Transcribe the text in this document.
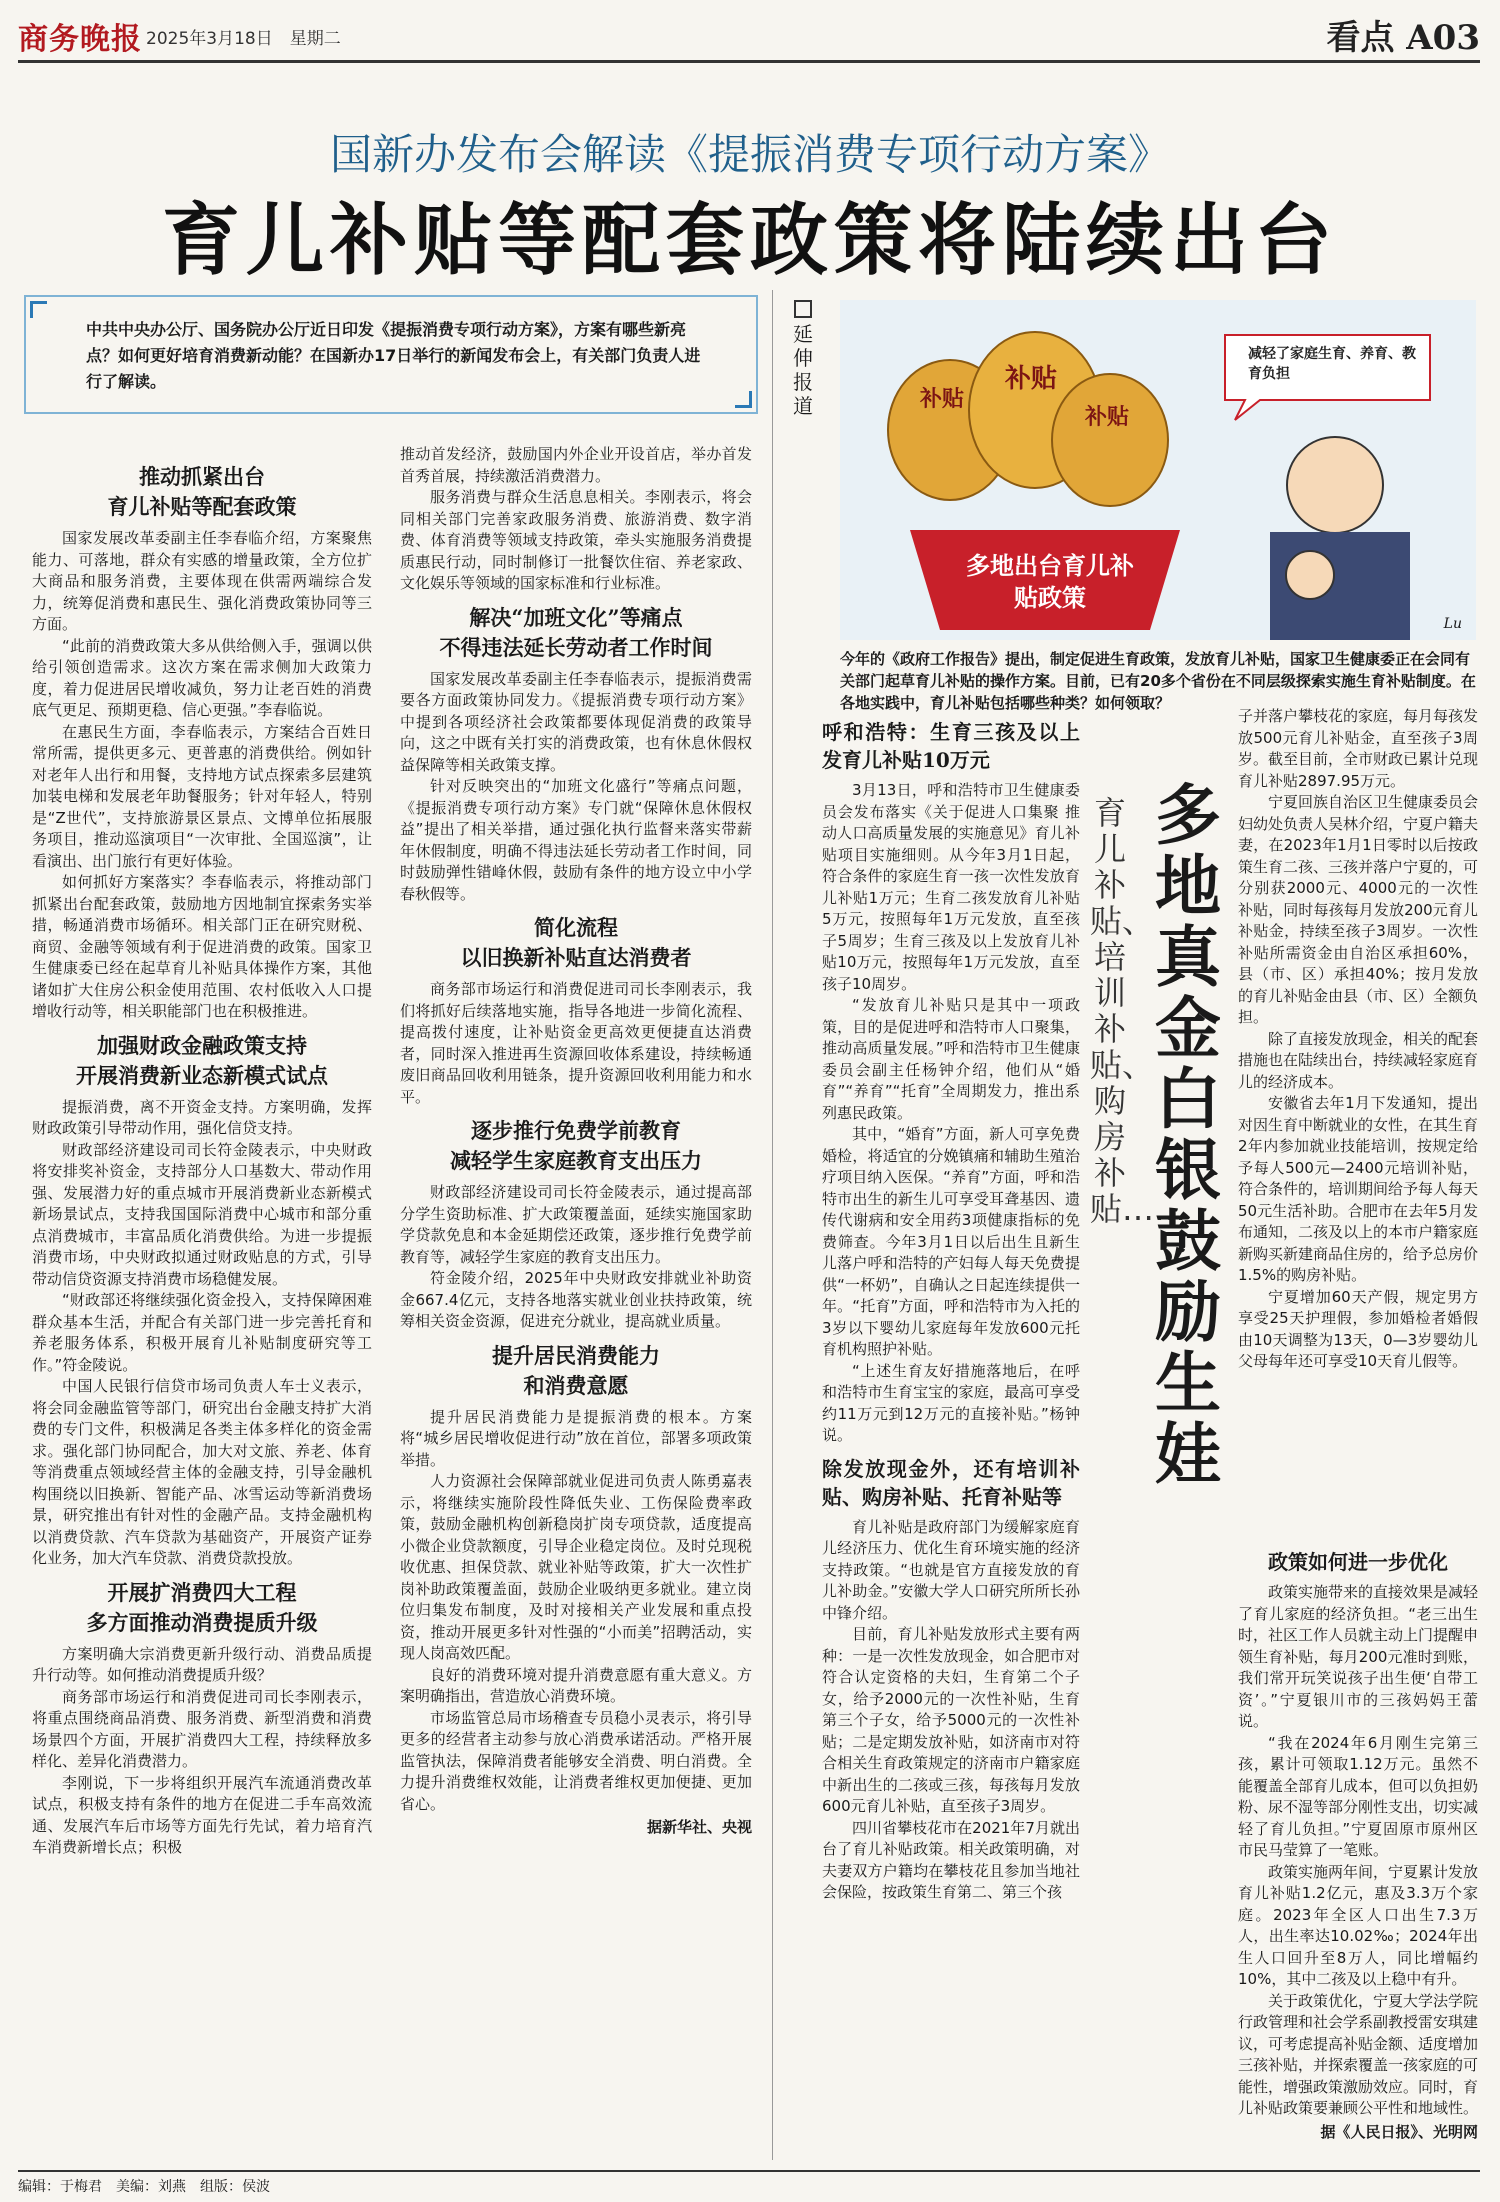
商务晚报 2025年3月18日　星期二	看点 A03
国新办发布会解读《提振消费专项行动方案》
育儿补贴等配套政策将陆续出台
中共中央办公厅、国务院办公厅近日印发《提振消费专项行动方案》，方案有哪些新亮点？如何更好培育消费新动能？在国新办17日举行的新闻发布会上，有关部门负责人进行了解读。
推动抓紧出台
育儿补贴等配套政策

国家发展改革委副主任李春临介绍，方案聚焦能力、可落地，群众有实感的增量政策，全方位扩大商品和服务消费，主要体现在供需两端综合发力，统筹促消费和惠民生、强化消费政策协同等三方面。

“此前的消费政策大多从供给侧入手，强调以供给引领创造需求。这次方案在需求侧加大政策力度，着力促进居民增收减负，努力让老百姓的消费底气更足、预期更稳、信心更强。”李春临说。

在惠民生方面，李春临表示，方案结合百姓日常所需，提供更多元、更普惠的消费供给。例如针对老年人出行和用餐，支持地方试点探索多层建筑加装电梯和发展老年助餐服务；针对年轻人，特别是“Z世代”，支持旅游景区景点、文博单位拓展服务项目，推动巡演项目“一次审批、全国巡演”，让看演出、出门旅行有更好体验。

如何抓好方案落实？李春临表示，将推动部门抓紧出台配套政策，鼓励地方因地制宜探索务实举措，畅通消费市场循环。相关部门正在研究财税、商贸、金融等领域有利于促进消费的政策。国家卫生健康委已经在起草育儿补贴具体操作方案，其他诸如扩大住房公积金使用范围、农村低收入人口提增收行动等，相关职能部门也在积极推进。

加强财政金融政策支持
开展消费新业态新模式试点

提振消费，离不开资金支持。方案明确，发挥财政政策引导带动作用，强化信贷支持。

财政部经济建设司司长符金陵表示，中央财政将安排奖补资金，支持部分人口基数大、带动作用强、发展潜力好的重点城市开展消费新业态新模式新场景试点，支持我国国际消费中心城市和部分重点消费城市，丰富品质化消费供给。为进一步提振消费市场，中央财政拟通过财政贴息的方式，引导带动信贷资源支持消费市场稳健发展。

“财政部还将继续强化资金投入，支持保障困难群众基本生活，并配合有关部门进一步完善托育和养老服务体系，积极开展育儿补贴制度研究等工作。”符金陵说。

中国人民银行信贷市场司负责人车士义表示，将会同金融监管等部门，研究出台金融支持扩大消费的专门文件，积极满足各类主体多样化的资金需求。强化部门协同配合，加大对文旅、养老、体育等消费重点领域经营主体的金融支持，引导金融机构围绕以旧换新、智能产品、冰雪运动等新消费场景，研究推出有针对性的金融产品。支持金融机构以消费贷款、汽车贷款为基础资产，开展资产证券化业务，加大汽车贷款、消费贷款投放。

开展扩消费四大工程
多方面推动消费提质升级

方案明确大宗消费更新升级行动、消费品质提升行动等。如何推动消费提质升级？

商务部市场运行和消费促进司司长李刚表示，将重点围绕商品消费、服务消费、新型消费和消费场景四个方面，开展扩消费四大工程，持续释放多样化、差异化消费潜力。

李刚说，下一步将组织开展汽车流通消费改革试点，积极支持有条件的地方在促进二手车高效流通、发展汽车后市场等方面先行先试，着力培育汽车消费新增长点；积极

推动首发经济，鼓励国内外企业开设首店，举办首发首秀首展，持续激活消费潜力。

服务消费与群众生活息息相关。李刚表示，将会同相关部门完善家政服务消费、旅游消费、数字消费、体育消费等领域支持政策，牵头实施服务消费提质惠民行动，同时制修订一批餐饮住宿、养老家政、文化娱乐等领域的国家标准和行业标准。

解决“加班文化”等痛点
不得违法延长劳动者工作时间

国家发展改革委副主任李春临表示，提振消费需要各方面政策协同发力。《提振消费专项行动方案》中提到各项经济社会政策都要体现促消费的政策导向，这之中既有关打实的消费政策，也有休息休假权益保障等相关政策支撑。

针对反映突出的“加班文化盛行”等痛点问题，《提振消费专项行动方案》专门就“保障休息休假权益”提出了相关举措，通过强化执行监督来落实带薪年休假制度，明确不得违法延长劳动者工作时间，同时鼓励弹性错峰休假，鼓励有条件的地方设立中小学春秋假等。

简化流程
以旧换新补贴直达消费者

商务部市场运行和消费促进司司长李刚表示，我们将抓好后续落地实施，指导各地进一步简化流程、提高拨付速度，让补贴资金更高效更便捷直达消费者，同时深入推进再生资源回收体系建设，持续畅通废旧商品回收利用链条，提升资源回收利用能力和水平。

逐步推行免费学前教育
减轻学生家庭教育支出压力

财政部经济建设司司长符金陵表示，通过提高部分学生资助标准、扩大政策覆盖面，延续实施国家助学贷款免息和本金延期偿还政策，逐步推行免费学前教育等，减轻学生家庭的教育支出压力。

符金陵介绍，2025年中央财政安排就业补助资金667.4亿元，支持各地落实就业创业扶持政策，统筹相关资金资源，促进充分就业，提高就业质量。

提升居民消费能力
和消费意愿

提升居民消费能力是提振消费的根本。方案将“城乡居民增收促进行动”放在首位，部署多项政策举措。

人力资源社会保障部就业促进司负责人陈勇嘉表示，将继续实施阶段性降低失业、工伤保险费率政策，鼓励金融机构创新稳岗扩岗专项贷款，适度提高小微企业贷款额度，引导企业稳定岗位。及时兑现税收优惠、担保贷款、就业补贴等政策，扩大一次性扩岗补助政策覆盖面，鼓励企业吸纳更多就业。建立岗位归集发布制度，及时对接相关产业发展和重点投资，推动开展更多针对性强的“小而美”招聘活动，实现人岗高效匹配。

良好的消费环境对提升消费意愿有重大意义。方案明确指出，营造放心消费环境。

市场监管总局市场稽查专员稳小灵表示，将引导更多的经营者主动参与放心消费承诺活动。严格开展监管执法，保障消费者能够安全消费、明白消费。全力提升消费维权效能，让消费者维权更加便捷、更加省心。

据新华社、央视
延伸报道	补贴
补贴
补贴
减轻了家庭生育、养育、教育负担
多地出台育儿补贴政策
Lu
今年的《政府工作报告》提出，制定促进生育政策，发放育儿补贴，国家卫生健康委正在会同有关部门起草育儿补贴的操作方案。目前，已有20多个省份在不同层级探索实施生育补贴制度。在各地实践中，育儿补贴包括哪些种类？如何领取？
呼和浩特：生育三孩及以上发育儿补贴10万元

3月13日，呼和浩特市卫生健康委员会发布落实《关于促进人口集聚 推动人口高质量发展的实施意见》育儿补贴项目实施细则。从今年3月1日起，符合条件的家庭生育一孩一次性发放育儿补贴1万元；生育二孩发放育儿补贴5万元，按照每年1万元发放，直至孩子5周岁；生育三孩及以上发放育儿补贴10万元，按照每年1万元发放，直至孩子10周岁。

“发放育儿补贴只是其中一项政策，目的是促进呼和浩特市人口聚集，推动高质量发展。”呼和浩特市卫生健康委员会副主任杨钟介绍，他们从“婚育”“养育”“托育”全周期发力，推出系列惠民政策。

其中，“婚育”方面，新人可享免费婚检，将适宜的分娩镇痛和辅助生殖治疗项目纳入医保。“养育”方面，呼和浩特市出生的新生儿可享受耳聋基因、遗传代谢病和安全用药3项健康指标的免费筛查。今年3月1日以后出生且新生儿落户呼和浩特的产妇每人每天免费提供“一杯奶”，自确认之日起连续提供一年。“托育”方面，呼和浩特市为入托的3岁以下婴幼儿家庭每年发放600元托育机构照护补贴。

“上述生育友好措施落地后，在呼和浩特市生育宝宝的家庭，最高可享受约11万元到12万元的直接补贴。”杨钟说。

除发放现金外，还有培训补贴、购房补贴、托育补贴等

育儿补贴是政府部门为缓解家庭育儿经济压力、优化生育环境实施的经济支持政策。“也就是官方直接发放的育儿补助金。”安徽大学人口研究所所长孙中锋介绍。

目前，育儿补贴发放形式主要有两种：一是一次性发放现金，如合肥市对符合认定资格的夫妇，生育第二个子女，给予2000元的一次性补贴，生育第三个子女，给予5000元的一次性补贴；二是定期发放补贴，如济南市对符合相关生育政策规定的济南市户籍家庭中新出生的二孩或三孩，每孩每月发放600元育儿补贴，直至孩子3周岁。

四川省攀枝花市在2021年7月就出台了育儿补贴政策。相关政策明确，对夫妻双方户籍均在攀枝花且参加当地社会保险，按政策生育第二、第三个孩

育儿补贴、培训补贴、购房补贴……
多地真金白银鼓励生娃

子并落户攀枝花的家庭，每月每孩发放500元育儿补贴金，直至孩子3周岁。截至目前，全市财政已累计兑现育儿补贴2897.95万元。

宁夏回族自治区卫生健康委员会妇幼处负责人吴林介绍，宁夏户籍夫妻，在2023年1月1日零时以后按政策生育二孩、三孩并落户宁夏的，可分别获2000元、4000元的一次性补贴，同时每孩每月发放200元育儿补贴金，持续至孩子3周岁。一次性补贴所需资金由自治区承担60%，县（市、区）承担40%；按月发放的育儿补贴金由县（市、区）全额负担。

除了直接发放现金，相关的配套措施也在陆续出台，持续减轻家庭育儿的经济成本。

安徽省去年1月下发通知，提出对因生育中断就业的女性，在其生育2年内参加就业技能培训，按规定给予每人500元—2400元培训补贴，符合条件的，培训期间给予每人每天50元生活补助。合肥市在去年5月发布通知，二孩及以上的本市户籍家庭新购买新建商品住房的，给予总房价1.5%的购房补贴。

宁夏增加60天产假，规定男方享受25天护理假，参加婚检者婚假由10天调整为13天，0—3岁婴幼儿父母每年还可享受10天育儿假等。

政策如何进一步优化

政策实施带来的直接效果是减轻了育儿家庭的经济负担。“老三出生时，社区工作人员就主动上门提醒申领生育补贴，每月200元准时到账，我们常开玩笑说孩子出生便‘自带工资’。”宁夏银川市的三孩妈妈王蕾说。

“我在2024年6月刚生完第三孩，累计可领取1.12万元。虽然不能覆盖全部育儿成本，但可以负担奶粉、尿不湿等部分刚性支出，切实减轻了育儿负担。”宁夏固原市原州区市民马莹算了一笔账。

政策实施两年间，宁夏累计发放育儿补贴1.2亿元，惠及3.3万个家庭。2023年全区人口出生7.3万人，出生率达10.02‰；2024年出生人口回升至8万人，同比增幅约10%，其中二孩及以上稳中有升。

关于政策优化，宁夏大学法学院行政管理和社会学系副教授雷安琪建议，可考虑提高补贴金额、适度增加三孩补贴，并探索覆盖一孩家庭的可能性，增强政策激励效应。同时，育儿补贴政策要兼顾公平性和地域性。

据《人民日报》、光明网
编辑：于梅君　美编：刘燕　组版：侯波
